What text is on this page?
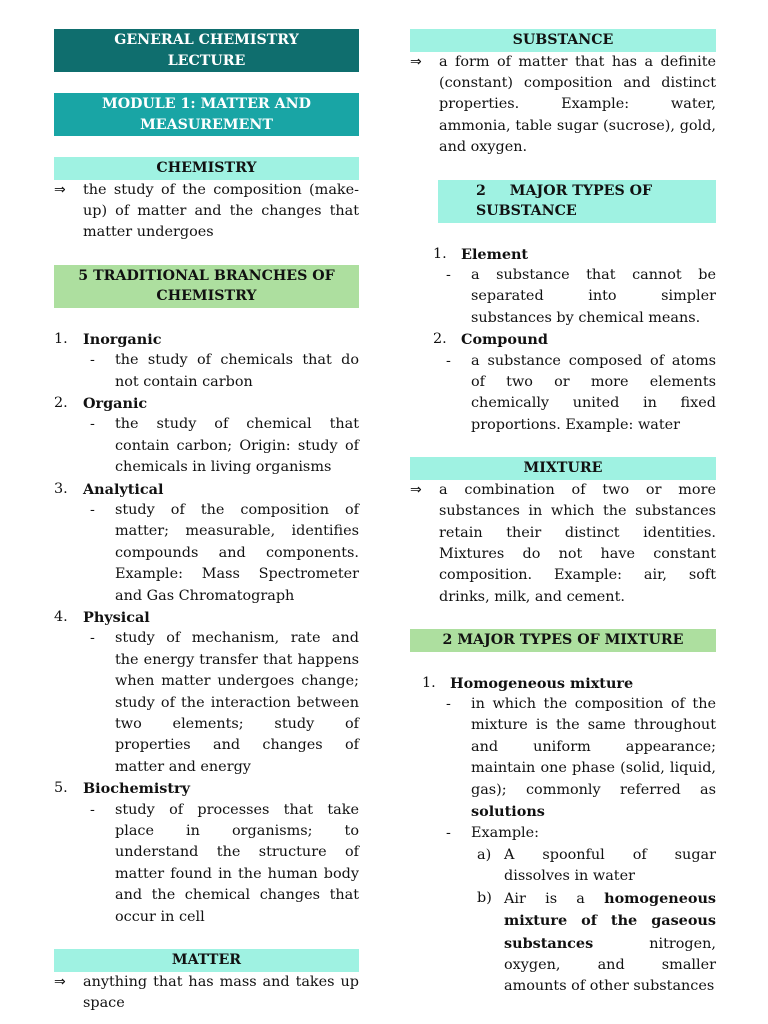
GENERAL CHEMISTRY
LECTURE
MODULE 1: MATTER AND
MEASUREMENT
CHEMISTRY
⇒ the study of the composition (make-up) of matter and the changes that matter undergoes
5 TRADITIONAL BRANCHES OF
CHEMISTRY
1. Inorganic
- the study of chemicals that do not contain carbon
2. Organic
- the study of chemical that contain carbon; Origin: study of chemicals in living organisms
3. Analytical
- study of the composition of matter; measurable, identifies compounds and components. Example: Mass Spectrometer and Gas Chromatograph
4. Physical
- study of mechanism, rate and the energy transfer that happens when matter undergoes change; study of the interaction between two elements; study of properties and changes of matter and energy
5. Biochemistry
- study of processes that take place in organisms; to understand the structure of matter found in the human body and the chemical changes that occur in cell
MATTER
⇒ anything that has mass and takes up space
SUBSTANCE
⇒ a form of matter that has a definite (constant) composition and distinct properties. Example: water, ammonia, table sugar (sucrose), gold, and oxygen.
2 MAJOR TYPES OF SUBSTANCE
1. Element
- a substance that cannot be separated into simpler substances by chemical means.
2. Compound
- a substance composed of atoms of two or more elements chemically united in fixed proportions. Example: water
MIXTURE
⇒ a combination of two or more substances in which the substances retain their distinct identities. Mixtures do not have constant composition. Example: air, soft drinks, milk, and cement.
2 MAJOR TYPES OF MIXTURE
1. Homogeneous mixture
- in which the composition of the mixture is the same throughout and uniform appearance; maintain one phase (solid, liquid, gas); commonly referred as solutions
- Example:
a) A spoonful of sugar dissolves in water
b) Air is a homogeneous mixture of the gaseous substances	nitrogen, oxygen, and smaller amounts of other substances
